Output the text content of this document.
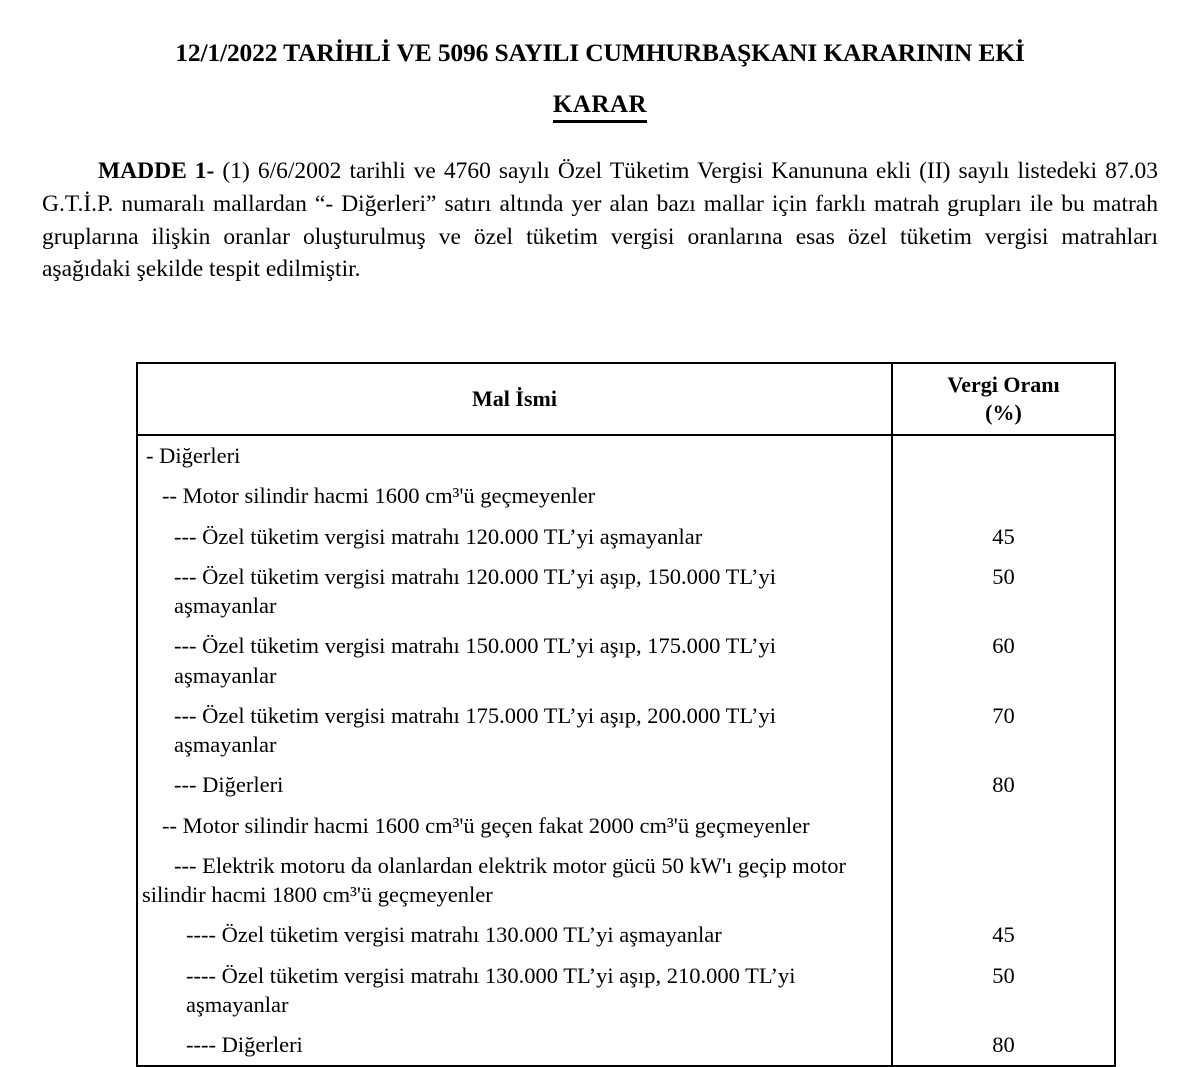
12/1/2022 TARİHLİ VE 5096 SAYILI CUMHURBAŞKANI KARARININ EKİ
KARAR

MADDE 1- (1) 6/6/2002 tarihli ve 4760 sayılı Özel Tüketim Vergisi Kanununa ekli (II) sayılı listedeki 87.03 G.T.İ.P. numaralı mallardan “- Diğerleri” satırı altında yer alan bazı mallar için farklı matrah grupları ile bu matrah gruplarına ilişkin oranlar oluşturulmuş ve özel tüketim vergisi oranlarına esas özel tüketim vergisi matrahları aşağıdaki şekilde tespit edilmiştir.

Mal İsmi	Vergi Oranı
(%)

- Diğerleri	

-- Motor silindir hacmi 1600 cm³'ü geçmeyenler	

--- Özel tüketim vergisi matrahı 120.000 TL’yi aşmayanlar	45

--- Özel tüketim vergisi matrahı 120.000 TL’yi aşıp, 150.000 TL’yi aşmayanlar	50

--- Özel tüketim vergisi matrahı 150.000 TL’yi aşıp, 175.000 TL’yi aşmayanlar	60

--- Özel tüketim vergisi matrahı 175.000 TL’yi aşıp, 200.000 TL’yi aşmayanlar	70

--- Diğerleri	80

-- Motor silindir hacmi 1600 cm³'ü geçen fakat 2000 cm³'ü geçmeyenler	

--- Elektrik motoru da olanlardan elektrik motor gücü 50 kW'ı geçip motor silindir hacmi 1800 cm³'ü geçmeyenler	

---- Özel tüketim vergisi matrahı 130.000 TL’yi aşmayanlar	45

---- Özel tüketim vergisi matrahı 130.000 TL’yi aşıp, 210.000 TL’yi aşmayanlar	50

---- Diğerleri	80
